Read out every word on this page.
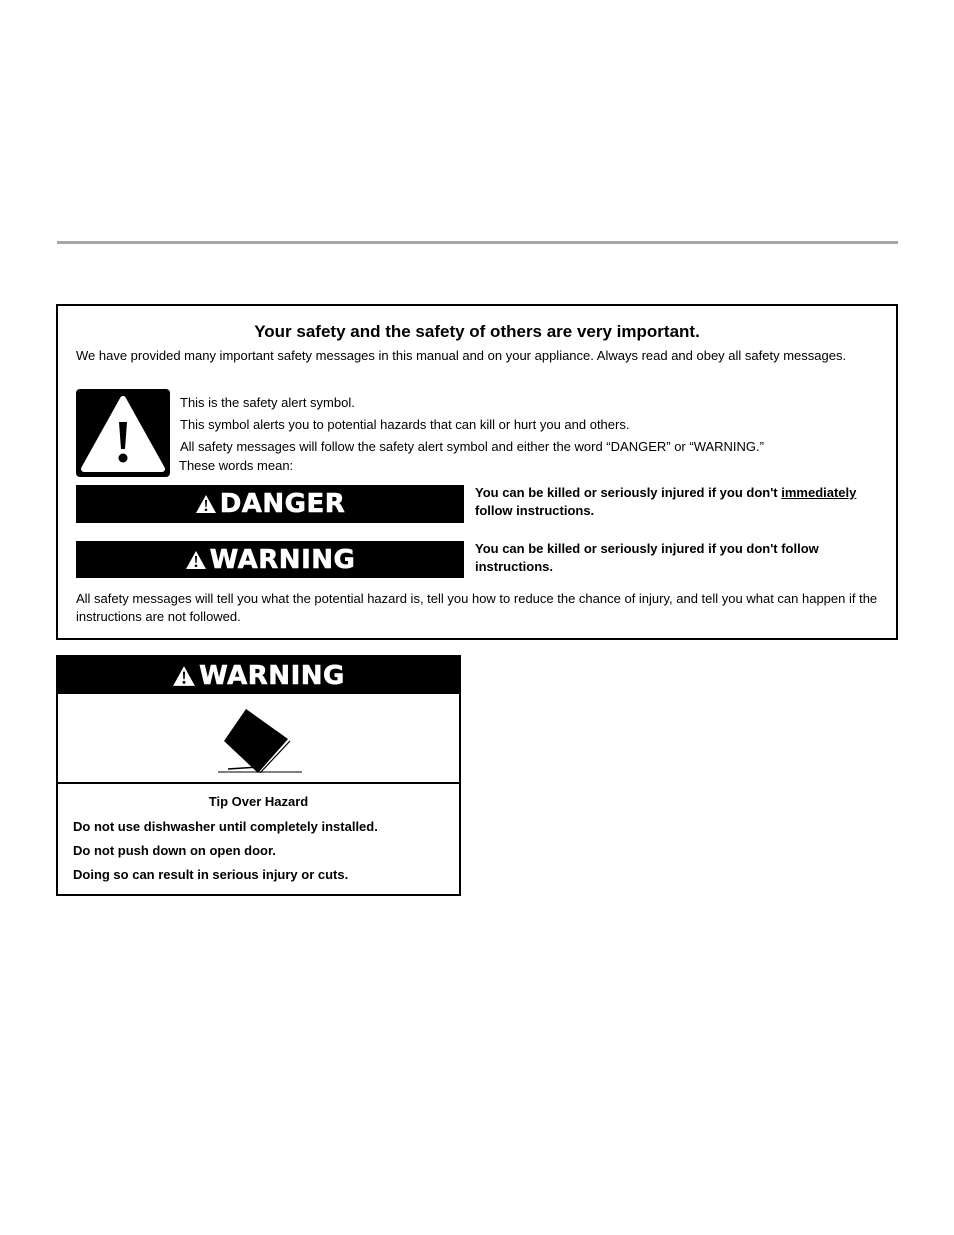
Your safety and the safety of others are very important.
We have provided many important safety messages in this manual and on your appliance. Always read and obey all safety messages.
This is the safety alert symbol.
This symbol alerts you to potential hazards that can kill or hurt you and others.
All safety messages will follow the safety alert symbol and either the word “DANGER” or “WARNING.”
These words mean:
DANGER	You can be killed or seriously injured if you don't immediately follow instructions.
WARNING	You can be killed or seriously injured if you don't follow instructions.
All safety messages will tell you what the potential hazard is, tell you how to reduce the chance of injury, and tell you what can happen if the instructions are not followed.
WARNING
Tip Over Hazard
Do not use dishwasher until completely installed.
Do not push down on open door.
Doing so can result in serious injury or cuts.
